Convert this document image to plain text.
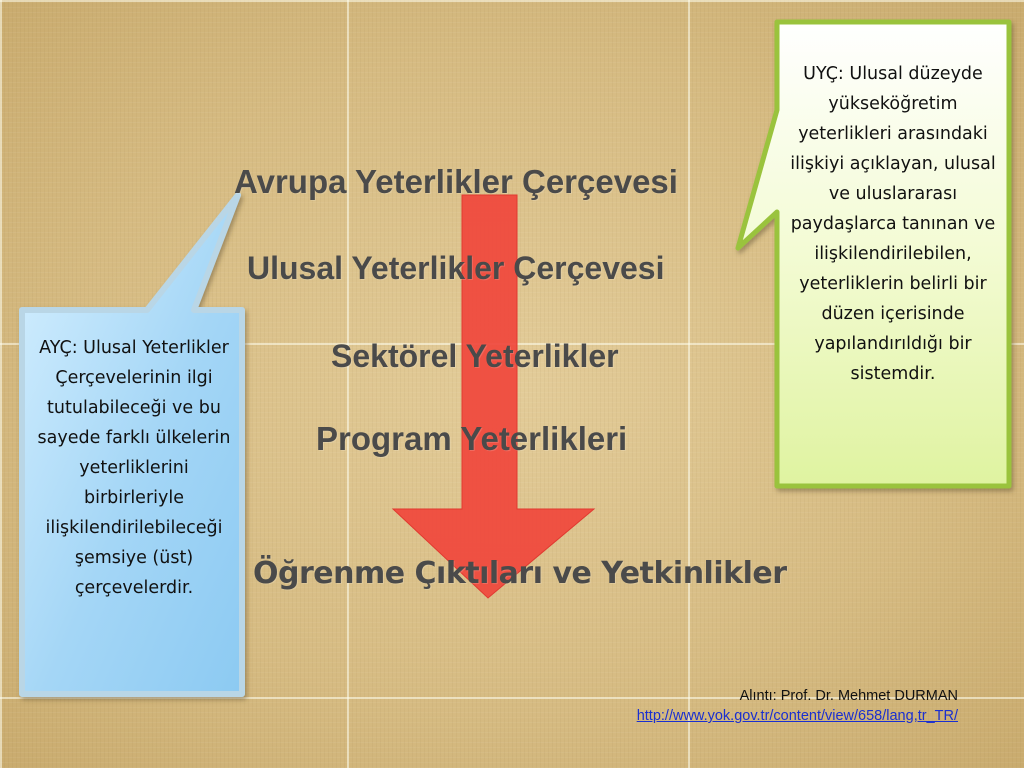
Avrupa Yeterlikler Çerçevesi
Ulusal Yeterlikler Çerçevesi
Sektörel Yeterlikler
Program Yeterlikleri
Öğrenme Çıktıları ve Yetkinlikler
AYÇ: Ulusal Yeterlikler Çerçevelerinin ilgi tutulabileceği ve bu sayede farklı ülkelerin yeterliklerini birbirleriyle ilişkilendirilebileceği şemsiye (üst) çerçevelerdir.
UYÇ: Ulusal düzeyde yükseköğretim yeterlikleri arasındaki ilişkiyi açıklayan, ulusal ve uluslararası paydaşlarca tanınan ve ilişkilendirilebilen, yeterliklerin belirli bir düzen içerisinde yapılandırıldığı bir sistemdir.
Alıntı: Prof. Dr. Mehmet DURMAN
http://www.yok.gov.tr/content/view/658/lang,tr_TR/
